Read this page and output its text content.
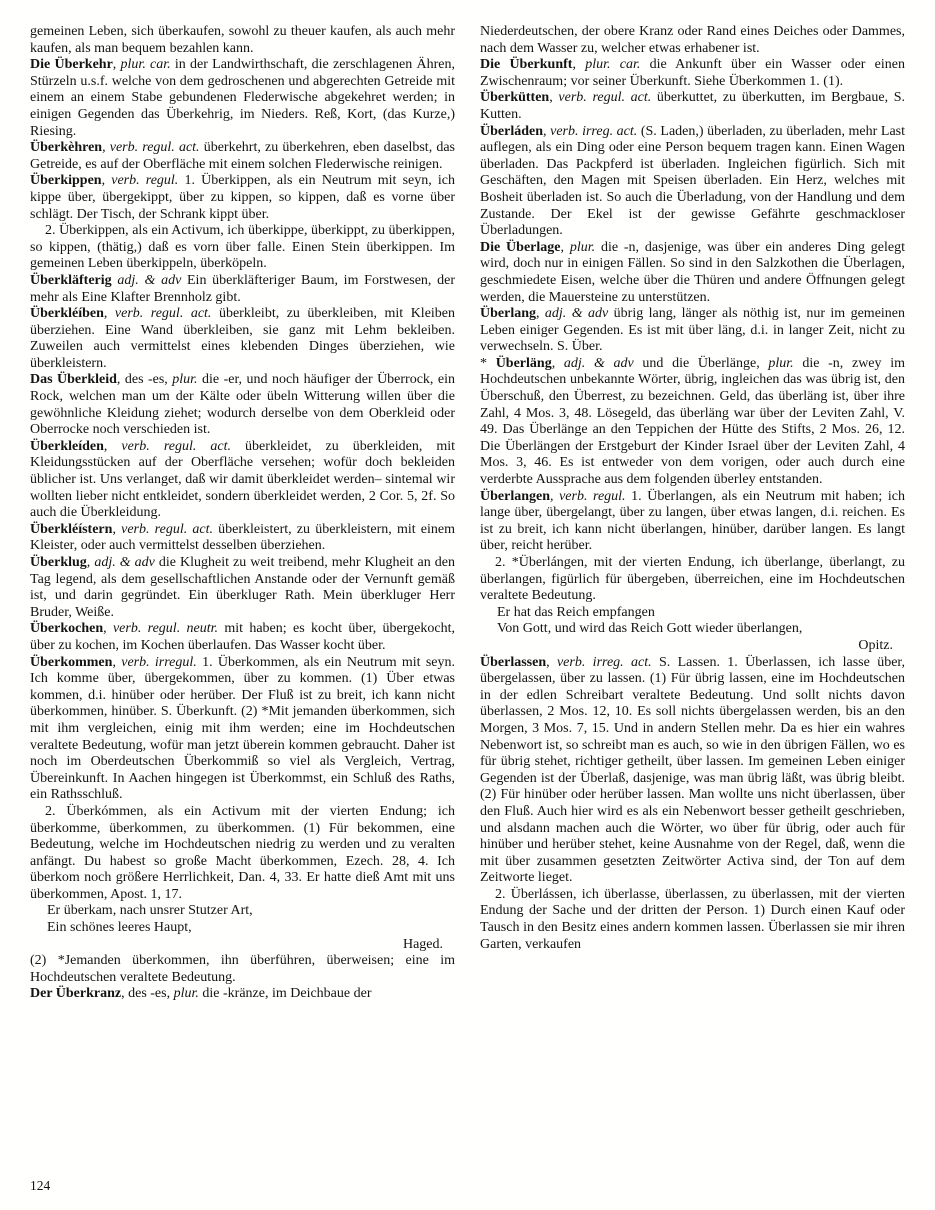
gemeinen Leben, sich überkaufen, sowohl zu theuer kaufen, als auch mehr kaufen, als man bequem bezahlen kann.

Die Überkehr, plur. car. in der Landwirthschaft, die zerschlagenen Ähren, Stürzeln u.s.f. welche von dem gedroschenen und abgerechten Getreide mit einem an einem Stabe gebundenen Flederwische abgekehret werden; in einigen Gegenden das Überkehrig, im Nieders. Reß, Kort, (das Kurze,) Riesing.

Überkèhren, verb. regul. act. überkehrt, zu überkehren, eben daselbst, das Getreide, es auf der Oberfläche mit einem solchen Flederwische reinigen.

Überkippen, verb. regul. 1. Überkippen, als ein Neutrum mit seyn, ich kippe über, übergekippt, über zu kippen, so kippen, daß es vorne über schlägt. Der Tisch, der Schrank kippt über.

2. Überkippen, als ein Activum, ich überkippe, überkippt, zu überkippen, so kippen, (thätig,) daß es vorn über falle. Einen Stein überkippen. Im gemeinen Leben überkippeln, überköpeln.

Überkläfterig adj. & adv Ein überkläfteriger Baum, im Forstwesen, der mehr als Eine Klafter Brennholz gibt.

Überkléíben, verb. regul. act. überkleibt, zu überkleiben, mit Kleiben überziehen. Eine Wand überkleiben, sie ganz mit Lehm bekleiben. Zuweilen auch vermittelst eines klebenden Dinges überziehen, wie überkleistern.

Das Überkleid, des -es, plur. die -er, und noch häufiger der Überrock, ein Rock, welchen man um der Kälte oder übeln Witterung willen über die gewöhnliche Kleidung ziehet; wodurch derselbe von dem Oberkleid oder Oberrocke noch verschieden ist.

Überkleíden, verb. regul. act. überkleidet, zu überkleiden, mit Kleidungsstücken auf der Oberfläche versehen; wofür doch bekleiden üblicher ist. Uns verlanget, daß wir damit überkleidet werden– sintemal wir wollten lieber nicht entkleidet, sondern überkleidet werden, 2 Cor. 5, 2f. So auch die Überkleidung.

Überkléístern, verb. regul. act. überkleistert, zu überkleistern, mit einem Kleister, oder auch vermittelst desselben überziehen.

Überklug, adj. & adv die Klugheit zu weit treibend, mehr Klugheit an den Tag legend, als dem gesellschaftlichen Anstande oder der Vernunft gemäß ist, und darin gegründet. Ein überkluger Rath. Mein überkluger Herr Bruder, Weiße.

Überkochen, verb. regul. neutr. mit haben; es kocht über, übergekocht, über zu kochen, im Kochen überlaufen. Das Wasser kocht über.

Überkommen, verb. irregul. 1. Überkommen, als ein Neutrum mit seyn. Ich komme über, übergekommen, über zu kommen. (1) Über etwas kommen, d.i. hinüber oder herüber. Der Fluß ist zu breit, ich kann nicht überkommen, hinüber. S. Überkunft. (2) *Mit jemanden überkommen, sich mit ihm vergleichen, einig mit ihm werden; eine im Hochdeutschen veraltete Bedeutung, wofür man jetzt überein kommen gebraucht. Daher ist noch im Oberdeutschen Überkommiß so viel als Vergleich, Vertrag, Übereinkunft. In Aachen hingegen ist Überkommst, ein Schluß des Raths, ein Rathsschluß.

2. Überkómmen, als ein Activum mit der vierten Endung; ich überkomme, überkommen, zu überkommen. (1) Für bekommen, eine Bedeutung, welche im Hochdeutschen niedrig zu werden und zu veralten anfängt. Du habest so große Macht überkommen, Ezech. 28, 4. Ich überkom noch größere Herrlichkeit, Dan. 4, 33. Er hatte dieß Amt mit uns überkommen, Apost. 1, 17.

Er überkam, nach unsrer Stutzer Art,

Ein schönes leeres Haupt,

Haged.

(2) *Jemanden überkommen, ihn überführen, überweisen; eine im Hochdeutschen veraltete Bedeutung.

Der Überkranz, des -es, plur. die -kränze, im Deichbaue der

Niederdeutschen, der obere Kranz oder Rand eines Deiches oder Dammes, nach dem Wasser zu, welcher etwas erhabener ist.

Die Überkunft, plur. car. die Ankunft über ein Wasser oder einen Zwischenraum; vor seiner Überkunft. Siehe Überkommen 1. (1).

Überkütten, verb. regul. act. überkuttet, zu überkutten, im Bergbaue, S. Kutten.

Überláden, verb. irreg. act. (S. Laden,) überladen, zu überladen, mehr Last auflegen, als ein Ding oder eine Person bequem tragen kann. Einen Wagen überladen. Das Packpferd ist überladen. Ingleichen figürlich. Sich mit Geschäften, den Magen mit Speisen überladen. Ein Herz, welches mit Bosheit überladen ist. So auch die Überladung, von der Handlung und dem Zustande. Der Ekel ist der gewisse Gefährte geschmackloser Überladungen.

Die Überlage, plur. die -n, dasjenige, was über ein anderes Ding gelegt wird, doch nur in einigen Fällen. So sind in den Salzkothen die Überlagen, geschmiedete Eisen, welche über die Thüren und andere Öffnungen gelegt werden, die Mauersteine zu unterstützen.

Überlang, adj. & adv übrig lang, länger als nöthig ist, nur im gemeinen Leben einiger Gegenden. Es ist mit über läng, d.i. in langer Zeit, nicht zu verwechseln. S. Über.

* Überläng, adj. & adv und die Überlänge, plur. die -n, zwey im Hochdeutschen unbekannte Wörter, übrig, ingleichen das was übrig ist, den Überschuß, den Überrest, zu bezeichnen. Geld, das überläng ist, über ihre Zahl, 4 Mos. 3, 48. Lösegeld, das überläng war über der Leviten Zahl, V. 49. Das Überlänge an den Teppichen der Hütte des Stifts, 2 Mos. 26, 12. Die Überlängen der Erstgeburt der Kinder Israel über der Leviten Zahl, 4 Mos. 3, 46. Es ist entweder von dem vorigen, oder auch durch eine verderbte Aussprache aus dem folgenden überley entstanden.

Überlangen, verb. regul. 1. Überlangen, als ein Neutrum mit haben; ich lange über, übergelangt, über zu langen, über etwas langen, d.i. reichen. Es ist zu breit, ich kann nicht überlangen, hinüber, darüber langen. Es langt über, reicht herüber.

2. *Überlángen, mit der vierten Endung, ich überlange, überlangt, zu überlangen, figürlich für übergeben, überreichen, eine im Hochdeutschen veraltete Bedeutung.

Er hat das Reich empfangen

Von Gott, und wird das Reich Gott wieder überlangen,

Opitz.

Überlassen, verb. irreg. act. S. Lassen. 1. Überlassen, ich lasse über, übergelassen, über zu lassen. (1) Für übrig lassen, eine im Hochdeutschen in der edlen Schreibart veraltete Bedeutung. Und sollt nichts davon überlassen, 2 Mos. 12, 10. Es soll nichts übergelassen werden, bis an den Morgen, 3 Mos. 7, 15. Und in andern Stellen mehr. Da es hier ein wahres Nebenwort ist, so schreibt man es auch, so wie in den übrigen Fällen, wo es für übrig stehet, richtiger getheilt, über lassen. Im gemeinen Leben einiger Gegenden ist der Überlaß, dasjenige, was man übrig läßt, was übrig bleibt. (2) Für hinüber oder herüber lassen. Man wollte uns nicht überlassen, über den Fluß. Auch hier wird es als ein Nebenwort besser getheilt geschrieben, und alsdann machen auch die Wörter, wo über für übrig, oder auch für hinüber und herüber stehet, keine Ausnahme von der Regel, daß, wenn die mit über zusammen gesetzten Zeitwörter Activa sind, der Ton auf dem Zeitworte lieget.

2. Überlássen, ich überlasse, überlassen, zu überlassen, mit der vierten Endung der Sache und der dritten der Person. 1) Durch einen Kauf oder Tausch in den Besitz eines andern kommen lassen. Überlassen sie mir ihren Garten, verkaufen

124
